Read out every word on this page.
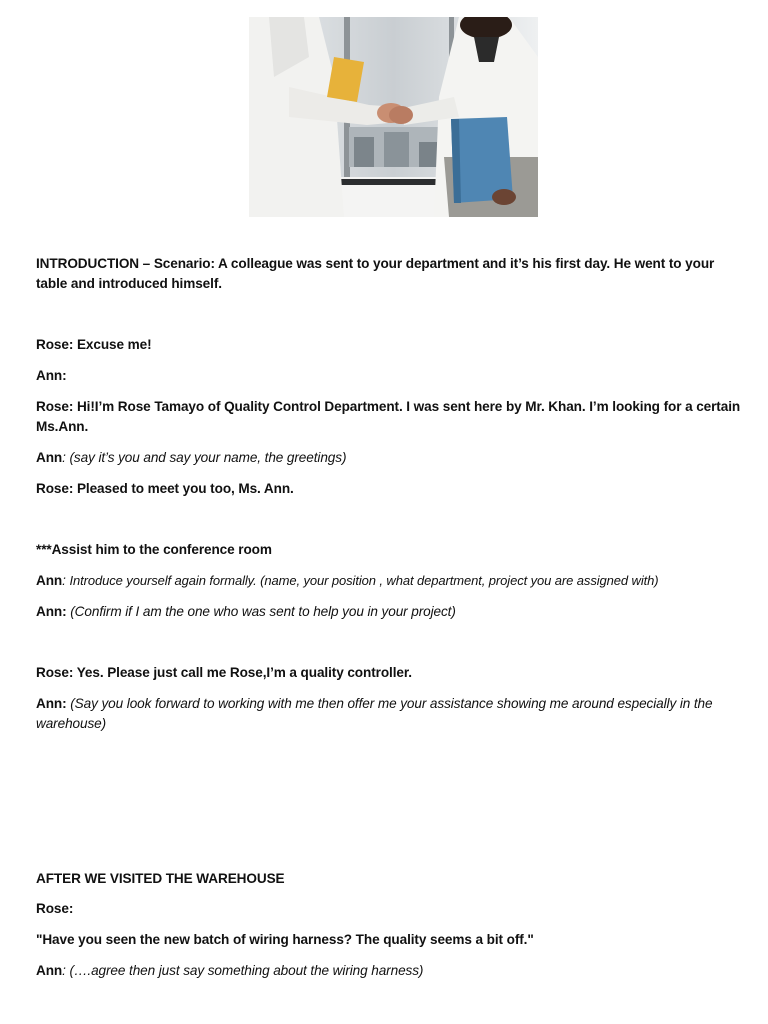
INTRODUCTION – Scenario: A colleague was sent to your department and it’s his first day. He went to your table and introduced himself.
Rose: Excuse me!
Ann:
Rose: Hi!I’m Rose Tamayo of Quality Control Department. I was sent here by Mr. Khan. I’m looking for a certain Ms.Ann.
Ann: (say it’s you and say your name, the greetings)
Rose: Pleased to meet you too, Ms. Ann.
***Assist him to the conference room
Ann: Introduce yourself again formally. (name, your position , what department, project you are assigned with)
Ann: (Confirm if I am the one who was sent to help you in your project)
Rose: Yes. Please just call me Rose,I’m a quality controller.
Ann: (Say you look forward to working with me then offer me your assistance showing me around especially in the warehouse)
AFTER WE VISITED THE WAREHOUSE
Rose:
"Have you seen the new batch of wiring harness? The quality seems a bit off."
Ann: (….agree then just say something about the wiring harness)
